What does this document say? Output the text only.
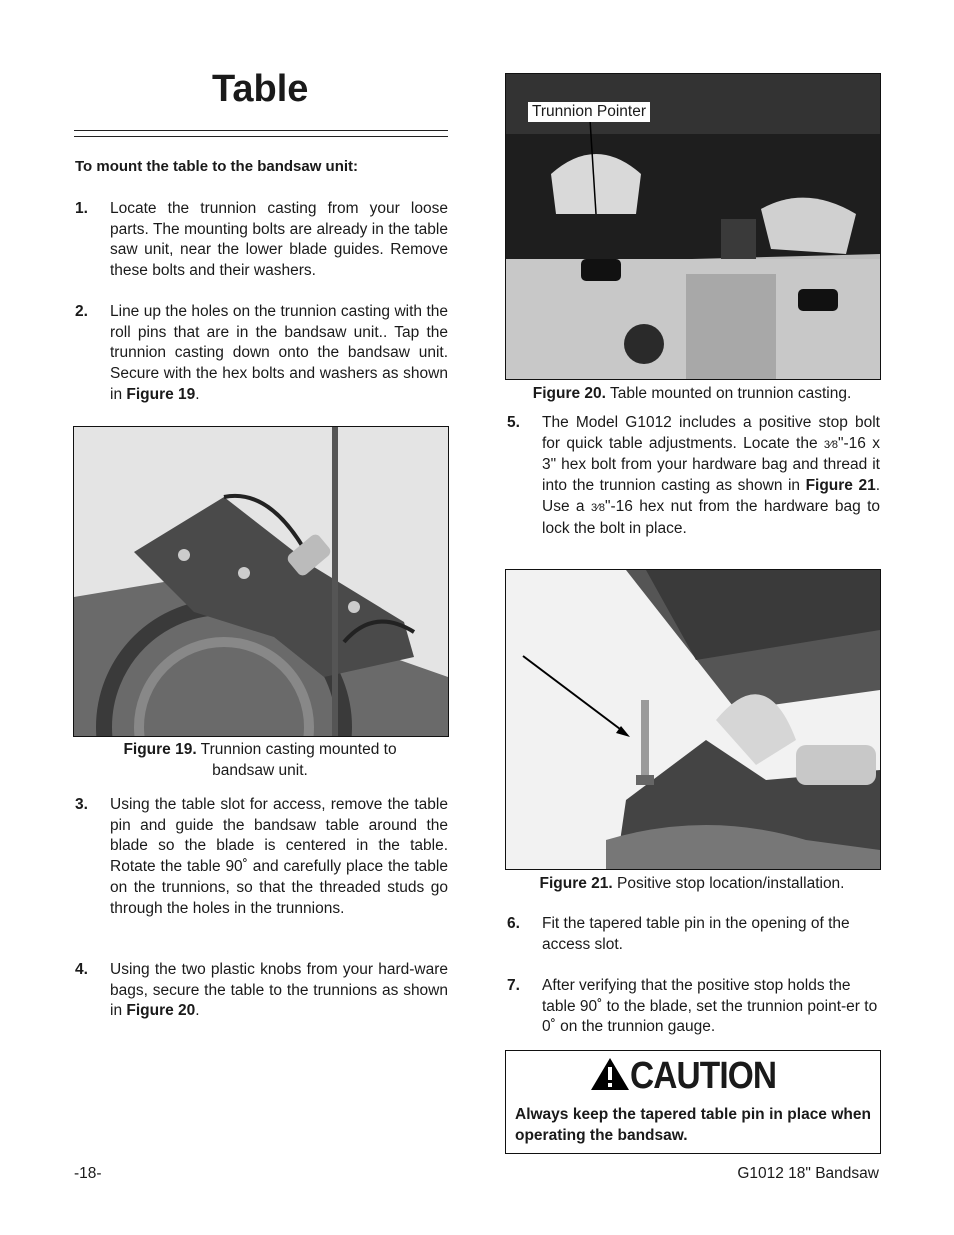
Table
To mount the table to the bandsaw unit:
1. Locate the trunnion casting from your loose parts. The mounting bolts are already in the table saw unit, near the lower blade guides. Remove these bolts and their washers.
2. Line up the holes on the trunnion casting with the roll pins that are in the bandsaw unit.. Tap the trunnion casting down onto the bandsaw unit. Secure with the hex bolts and washers as shown in Figure 19.
Figure 19. Trunnion casting mounted to
bandsaw unit.
3. Using the table slot for access, remove the table pin and guide the bandsaw table around the blade so the blade is centered in the table. Rotate the table 90˚ and carefully place the table on the trunnions, so that the threaded studs go through the holes in the trunnions.
4. Using the two plastic knobs from your hard-ware bags, secure the table to the trunnions as shown in Figure 20.
Trunnion Pointer
Figure 20. Table mounted on trunnion casting.
5. The Model G1012 includes a positive stop bolt for quick table adjustments. Locate the 3⁄8"-16 x 3" hex bolt from your hardware bag and thread it into the trunnion casting as shown in Figure 21. Use a 3⁄8"-16 hex nut from the hardware bag to lock the bolt in place.
Figure 21. Positive stop location/installation.
6. Fit the tapered table pin in the opening of the access slot.
7. After verifying that the positive stop holds the table 90˚ to the blade, set the trunnion point-er to 0˚ on the trunnion gauge.
CAUTION
Always keep the tapered table pin in place when operating the bandsaw.
-18-	G1012 18" Bandsaw
